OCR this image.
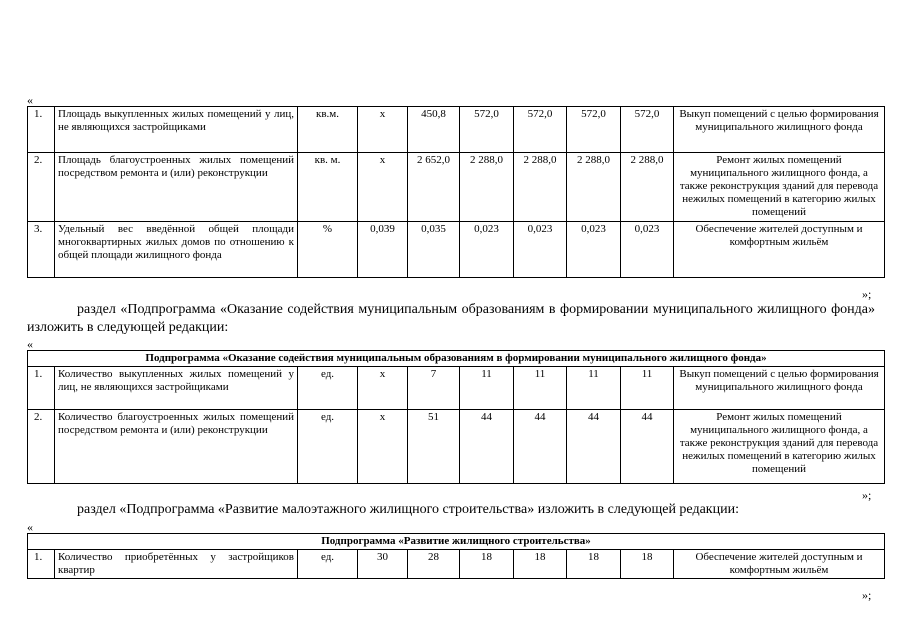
«
1.	Площадь выкупленных жилых помещений у лиц, не являющихся застройщиками	кв.м.	x	450,8	572,0	572,0	572,0	572,0	Выкуп помещений с целью формирования муниципального жилищного фонда
2.	Площадь благоустроенных жилых помещений посредством ремонта и (или) реконструкции	кв. м.	x	2 652,0	2 288,0	2 288,0	2 288,0	2 288,0	Ремонт жилых помещений муниципального жилищного фонда, а также реконструкция зданий для перевода нежилых помещений в категорию жилых помещений
3.	Удельный вес введённой общей площади многоквартирных жилых домов по отношению к общей площади жилищного фонда	%	0,039	0,035	0,023	0,023	0,023	0,023	Обеспечение жителей доступным и комфортным жильём
»;

раздел «Подпрограмма «Оказание содействия муниципальным образованиям в формировании муниципального жилищного фонда» изложить в следующей редакции:

«
Подпрограмма «Оказание содействия муниципальным образованиям в формировании муниципального жилищного фонда»									
1.	Количество выкупленных жилых помещений у лиц, не являющихся застройщиками	ед.	x	7	11	11	11	11	Выкуп помещений с целью формирования муниципального жилищного фонда
2.	Количество благоустроенных жилых помещений посредством ремонта и (или) реконструкции	ед.	x	51	44	44	44	44	Ремонт жилых помещений муниципального жилищного фонда, а также реконструкция зданий для перевода нежилых помещений в категорию жилых помещений
»;

раздел «Подпрограмма «Развитие малоэтажного жилищного строительства» изложить в следующей редакции:

«
Подпрограмма «Развитие жилищного строительства»
1.	Количество приобретённых у застройщиков квартир	ед.	30	28	18	18	18	18	Обеспечение жителей доступным и комфортным жильём
»;
